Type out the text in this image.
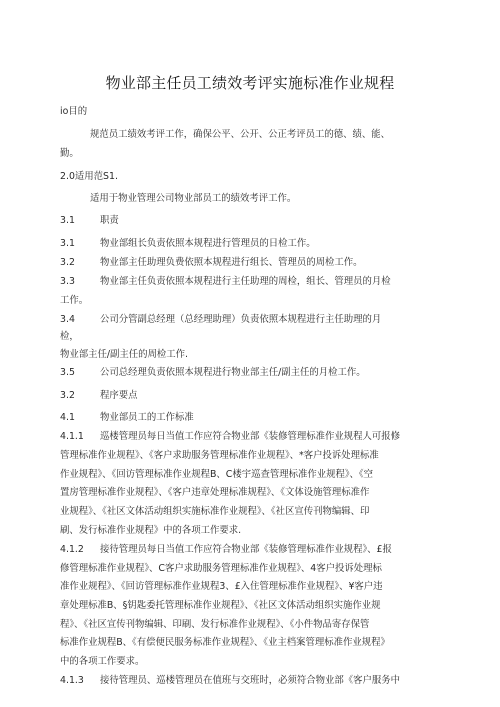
物业部主任员工绩效考评实施标准作业规程
io目的
规范员工绩效考评工作，确保公平、公开、公正考评员工的德、绩、能、
勤。
2.0适用范S1.
适用于物业管理公司物业部员工的绩效考评工作。
3.1	职责
3.1	物业部组长负责依照本规程进行管理员的日检工作。
3.2	物业部主任助理负费依照本规程进行组长、管理员的周检工作。
3.3	物业部主任负责依照本规程进行主任助理的周检，组长、管理员的月检
工作。
3.4	公司分管副总经理（总经理助理）负责依照本规程进行主任助理的月
检，
物业部主任/副主任的周检工作.
3.5	公司总经理负责依照本规程进行物业部主任/副主任的月检工作。
3.2	程序要点
4.1	物业部员工的工作标准
4.1.1 巡楼管理员每日当值工作应符合物业部《装修管理标准作业规程人可报修
管理标准作业规程》、《客户求助服务管理标准作业规程》、*客户投诉处理标准
作业规程》、《回访管理标准作业规程B、C楼宇巡查管理标准作业规程》、《空
置房管理标准作业规程》、《客户违章处理标准规程》、《文体设施管理标准作
业规程》、《社区文体活动组织实施标准作业规程》、《社区宣传刊物编辑、印
刷、发行标准作业规程》中的各项工作要求.
4.1.2 接待管理员每日当值工作应符合物业部《装修管理标准作业规程》、£报
修管理标准作业规程》、C客户求助服务管理标准作业规程》、4客户投诉处理标
准作业规程》、《回访管理标准作业规程3、£入住管理标准作业规程》、¥客户违
章处理标准B、§钥匙委托管理标准作业规程》、《社区文体活动组织实施作业规
程》、《社区宣传刊物编辑、印刷、发行标准作业规程》、《小件物品寄存保管
标准作业规程B、《有偿便民服务标准作业规程》、《业主档案管理标准作业规程》
中的各项工作要求。
4.1.3 接待管理员、巡楼管理员在值班与交班时，必须符合物业部《客户服务中
